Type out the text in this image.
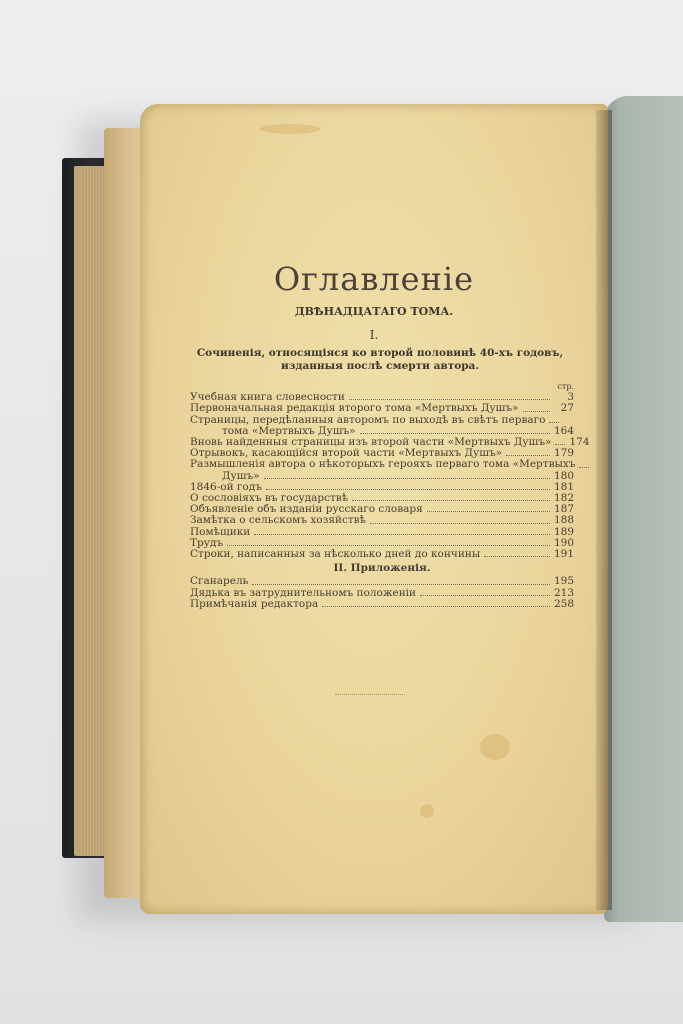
Оглавленіе
ДВѢНАДЦАТАГО ТОМА.
I.
Сочиненія, относящіяся ко второй половинѣ 40-хъ годовъ, изданныя послѣ смерти автора.
стр.
Учебная книга словесности	3
Первоначальная редакція второго тома «Мертвыхъ Душъ»	27
Страницы, передѣланныя авторомъ по выходѣ въ свѣтъ перваго
тома «Мертвыхъ Душъ»	164
Вновь найденныя страницы изъ второй части «Мертвыхъ Душъ» 174
Отрывокъ, касающійся второй части «Мертвыхъ Душъ»	179
Размышленія автора о нѣкоторыхъ герояхъ перваго тома «Мертвыхъ
Душъ»	180
1846-ой годъ	181
О сословіяхъ въ государствѣ	182
Объявленіе объ изданіи русскаго словаря	187
Замѣтка о сельскомъ хозяйствѣ	188
Помѣщики	189
Трудъ	190
Строки, написанныя за нѣсколько дней до кончины	191
II. Приложенія.
Сганарель	195
Дядька въ затруднительномъ положеніи	213
Примѣчанія редактора	258
